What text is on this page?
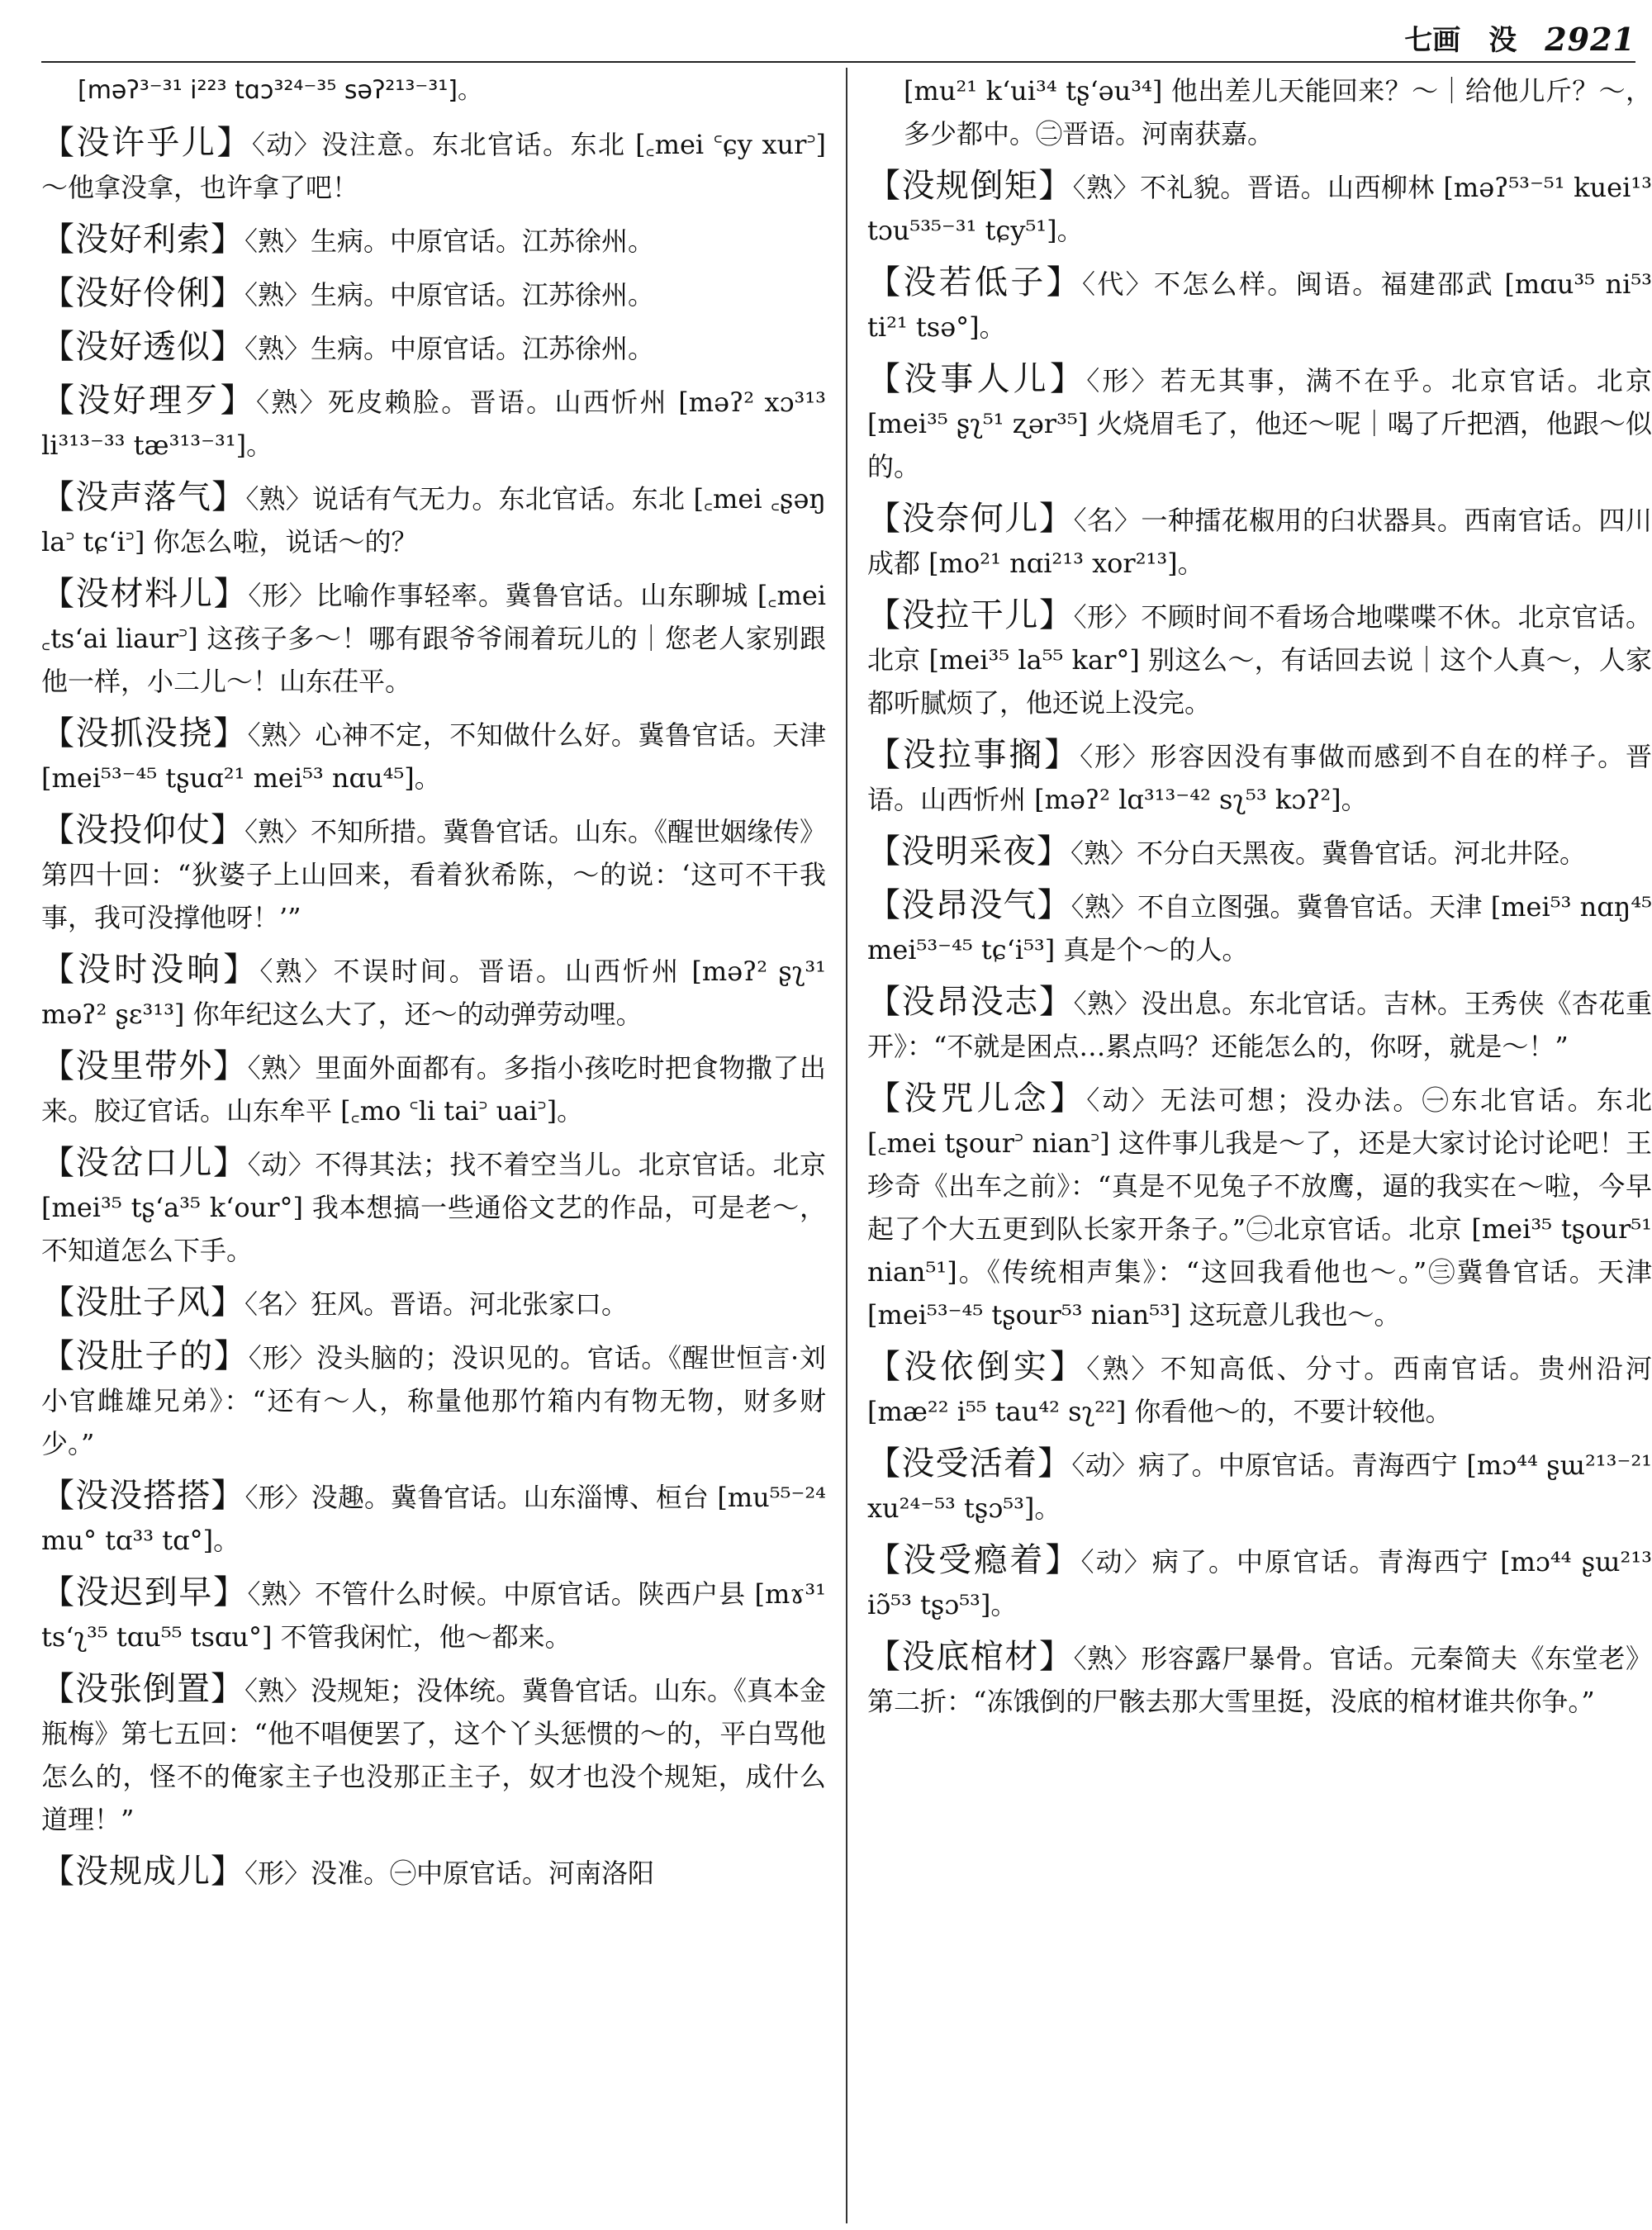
七画　没 2921
[məʔ³⁻³¹ i²²³ tɑɔ³²⁴⁻³⁵ səʔ²¹³⁻³¹]。
【没许乎儿】〈动〉没注意。东北官话。东北 [꜀mei ꜂ɕy xur꜄] ～他拿没拿，也许拿了吧！
【没好利索】〈熟〉生病。中原官话。江苏徐州。
【没好伶俐】〈熟〉生病。中原官话。江苏徐州。
【没好透似】〈熟〉生病。中原官话。江苏徐州。
【没好理歹】〈熟〉死皮赖脸。晋语。山西忻州 [məʔ² xɔ³¹³ li³¹³⁻³³ tæ³¹³⁻³¹]。
【没声落气】〈熟〉说话有气无力。东北官话。东北 [꜀mei ꜀ʂəŋ la꜄ tɕʻi꜄] 你怎么啦，说话～的？
【没材料儿】〈形〉比喻作事轻率。冀鲁官话。山东聊城 [꜀mei ꜀tsʻai liaur꜄] 这孩子多～！哪有跟爷爷闹着玩儿的｜您老人家别跟他一样，小二儿～！山东茌平。
【没抓没挠】〈熟〉心神不定，不知做什么好。冀鲁官话。天津 [mei⁵³⁻⁴⁵ tʂuɑ²¹ mei⁵³ nɑu⁴⁵]。
【没投仰仗】〈熟〉不知所措。冀鲁官话。山东。《醒世姻缘传》第四十回：“狄婆子上山回来，看着狄希陈，～的说：‘这可不干我事，我可没撑他呀！’”
【没时没晌】〈熟〉不误时间。晋语。山西忻州 [məʔ² ʂʅ³¹ məʔ² ʂɛ³¹³] 你年纪这么大了，还～的动弹劳动哩。
【没里带外】〈熟〉里面外面都有。多指小孩吃时把食物撒了出来。胶辽官话。山东牟平 [꜀mo ꜂li tai꜄ uai꜄]。
【没岔口儿】〈动〉不得其法；找不着空当儿。北京官话。北京 [mei³⁵ tʂʻa³⁵ kʻour°] 我本想搞一些通俗文艺的作品，可是老～，不知道怎么下手。
【没肚子风】〈名〉狂风。晋语。河北张家口。
【没肚子的】〈形〉没头脑的；没识见的。官话。《醒世恒言·刘小官雌雄兄弟》：“还有～人，称量他那竹箱内有物无物，财多财少。”
【没没搭搭】〈形〉没趣。冀鲁官话。山东淄博、桓台 [mu⁵⁵⁻²⁴ mu° tɑ³³ tɑ°]。
【没迟到早】〈熟〉不管什么时候。中原官话。陕西户县 [mɤ³¹ tsʻʅ³⁵ tɑu⁵⁵ tsɑu°] 不管我闲忙，他～都来。
【没张倒置】〈熟〉没规矩；没体统。冀鲁官话。山东。《真本金瓶梅》第七五回：“他不唱便罢了，这个丫头惩惯的～的，平白骂他怎么的，怪不的俺家主子也没那正主子，奴才也没个规矩，成什么道理！”
【没规成儿】〈形〉没准。㊀中原官话。河南洛阳
[mu²¹ kʻui³⁴ tʂʻəu³⁴] 他出差儿天能回来？～｜给他儿斤？～，多少都中。㊁晋语。河南获嘉。
【没规倒矩】〈熟〉不礼貌。晋语。山西柳林 [məʔ⁵³⁻⁵¹ kuei¹³ tɔu⁵³⁵⁻³¹ tɕy⁵¹]。
【没若低子】〈代〉不怎么样。闽语。福建邵武 [mɑu³⁵ ni⁵³ ti²¹ tsə°]。
【没事人儿】〈形〉若无其事，满不在乎。北京官话。北京 [mei³⁵ ʂʅ⁵¹ ʐər³⁵] 火烧眉毛了，他还～呢｜喝了斤把酒，他跟～似的。
【没奈何儿】〈名〉一种擂花椒用的臼状器具。西南官话。四川成都 [mo²¹ nɑi²¹³ xor²¹³]。
【没拉干儿】〈形〉不顾时间不看场合地喋喋不休。北京官话。北京 [mei³⁵ la⁵⁵ kar°] 别这么～，有话回去说｜这个人真～，人家都听腻烦了，他还说上没完。
【没拉事搁】〈形〉形容因没有事做而感到不自在的样子。晋语。山西忻州 [məʔ² lɑ³¹³⁻⁴² sʅ⁵³ kɔʔ²]。
【没明采夜】〈熟〉不分白天黑夜。冀鲁官话。河北井陉。
【没昂没气】〈熟〉不自立图强。冀鲁官话。天津 [mei⁵³ nɑŋ⁴⁵ mei⁵³⁻⁴⁵ tɕʻi⁵³] 真是个～的人。
【没昂没志】〈熟〉没出息。东北官话。吉林。王秀侠《杏花重开》：“不就是困点…累点吗？还能怎么的，你呀，就是～！”
【没咒儿念】〈动〉无法可想；没办法。㊀东北官话。东北 [꜀mei tʂour꜄ nian꜄] 这件事儿我是～了，还是大家讨论讨论吧！王珍奇《出车之前》：“真是不见兔子不放鹰，逼的我实在～啦，今早起了个大五更到队长家开条子。”㊁北京官话。北京 [mei³⁵ tʂour⁵¹ nian⁵¹]。《传统相声集》：“这回我看他也～。”㊂冀鲁官话。天津 [mei⁵³⁻⁴⁵ tʂour⁵³ nian⁵³] 这玩意儿我也～。
【没依倒实】〈熟〉不知高低、分寸。西南官话。贵州沿河 [mæ²² i⁵⁵ tau⁴² sʅ²²] 你看他～的，不要计较他。
【没受活着】〈动〉病了。中原官话。青海西宁 [mɔ⁴⁴ ʂɯ²¹³⁻²¹ xu²⁴⁻⁵³ tʂɔ⁵³]。
【没受瘾着】〈动〉病了。中原官话。青海西宁 [mɔ⁴⁴ ʂɯ²¹³ iɔ̃⁵³ tʂɔ⁵³]。
【没底棺材】〈熟〉形容露尸暴骨。官话。元秦简夫《东堂老》第二折：“冻饿倒的尸骸去那大雪里挺，没底的棺材谁共你争。”
